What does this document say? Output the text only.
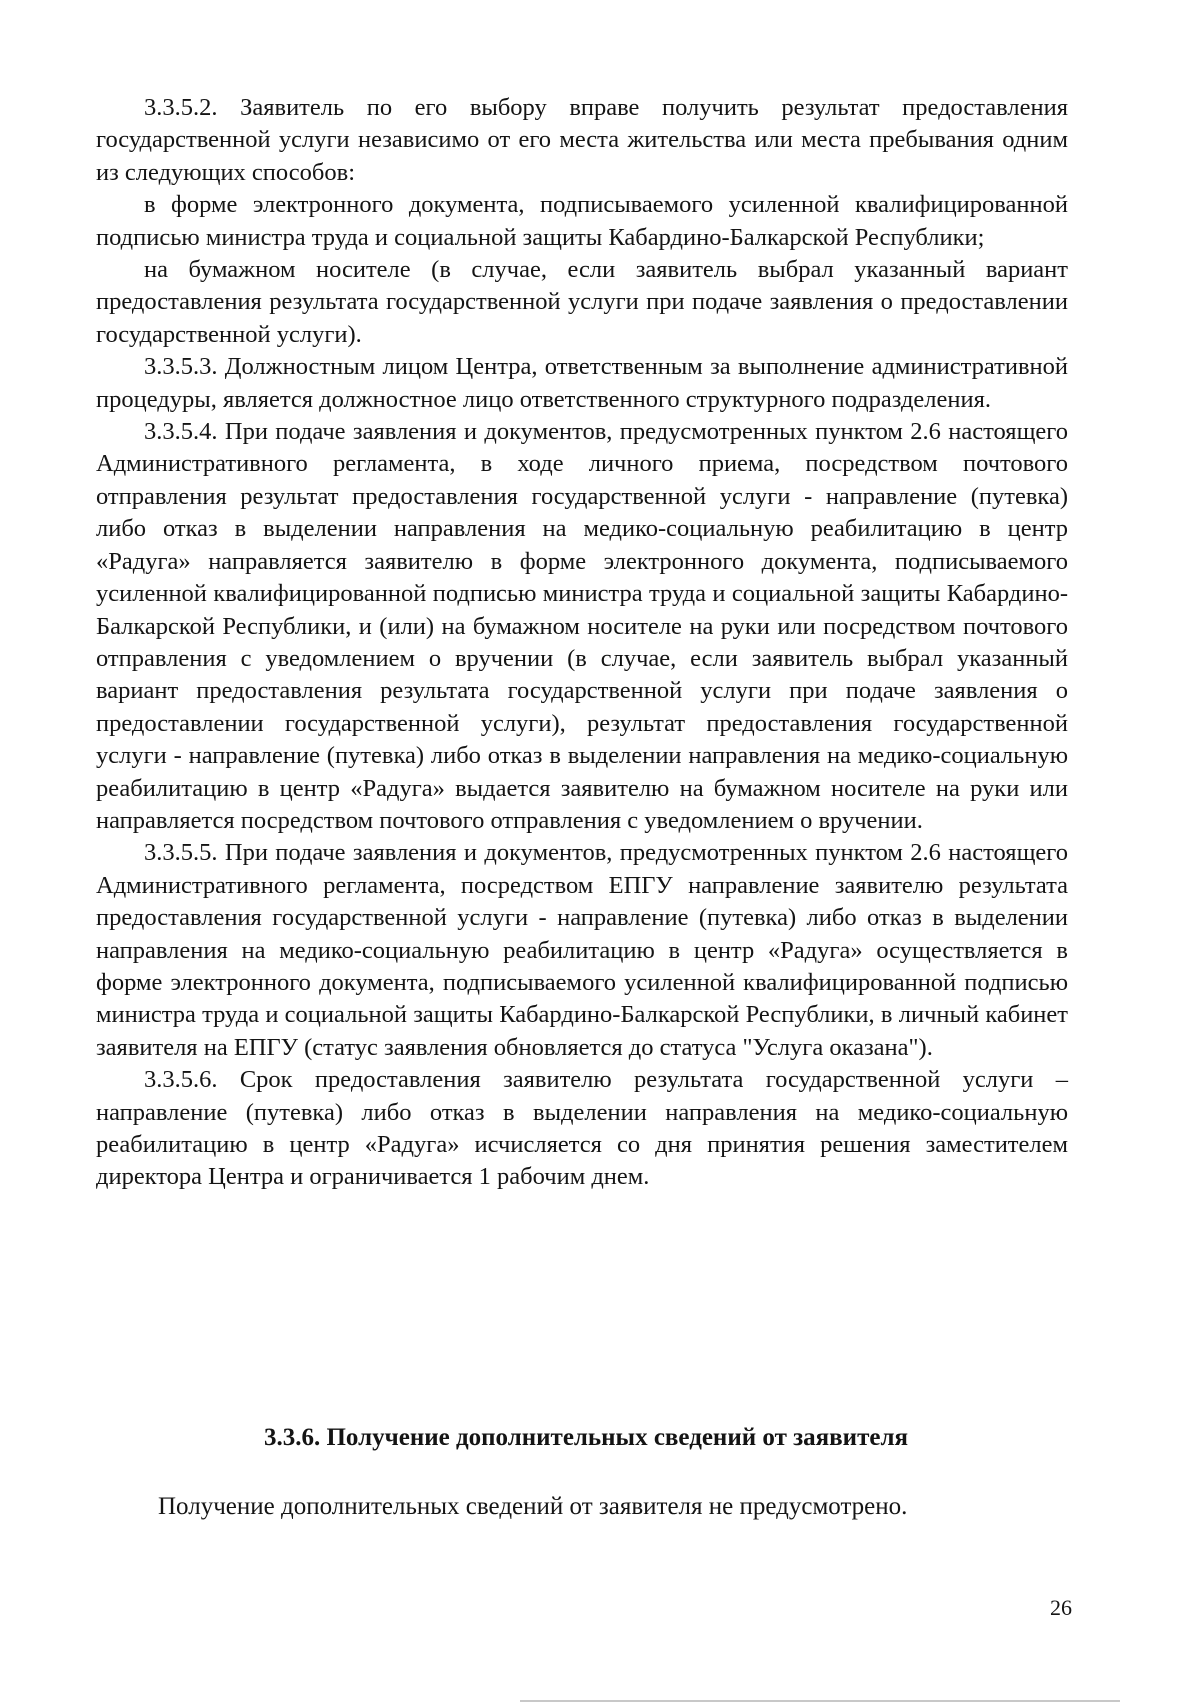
3.3.5.2. Заявитель по его выбору вправе получить результат предоставления государственной услуги независимо от его места жительства или места пребывания одним из следующих способов:

в форме электронного документа, подписываемого усиленной квалифицированной подписью министра труда и социальной защиты Кабардино-Балкарской Республики;

на бумажном носителе (в случае, если заявитель выбрал указанный вариант предоставления результата государственной услуги при подаче заявления о предоставлении государственной услуги).

3.3.5.3. Должностным лицом Центра, ответственным за выполнение административной процедуры, является должностное лицо ответственного структурного подразделения.

3.3.5.4. При подаче заявления и документов, предусмотренных пунктом 2.6 настоящего Административного регламента, в ходе личного приема, посредством почтового отправления результат предоставления государственной услуги - направление (путевка) либо отказ в выделении направления на медико-социальную реабилитацию в центр «Радуга» направляется заявителю в форме электронного документа, подписываемого усиленной квалифицированной подписью министра труда и социальной защиты Кабардино-Балкарской Республики, и (или) на бумажном носителе на руки или посредством почтового отправления с уведомлением о вручении (в случае, если заявитель выбрал указанный вариант предоставления результата государственной услуги при подаче заявления о предоставлении государственной услуги), результат предоставления государственной услуги - направление (путевка) либо отказ в выделении направления на медико-социальную реабилитацию в центр «Радуга» выдается заявителю на бумажном носителе на руки или направляется посредством почтового отправления с уведомлением о вручении.

3.3.5.5. При подаче заявления и документов, предусмотренных пунктом 2.6 настоящего Административного регламента, посредством ЕПГУ направление заявителю результата предоставления государственной услуги - направление (путевка) либо отказ в выделении направления на медико-социальную реабилитацию в центр «Радуга» осуществляется в форме электронного документа, подписываемого усиленной квалифицированной подписью министра труда и социальной защиты Кабардино-Балкарской Республики, в личный кабинет заявителя на ЕПГУ (статус заявления обновляется до статуса "Услуга оказана").

3.3.5.6. Срок предоставления заявителю результата государственной услуги – направление (путевка) либо отказ в выделении направления на медико-социальную реабилитацию в центр «Радуга» исчисляется со дня принятия решения заместителем директора Центра и ограничивается 1 рабочим днем.

3.3.6. Получение дополнительных сведений от заявителя

Получение дополнительных сведений от заявителя не предусмотрено.

26
